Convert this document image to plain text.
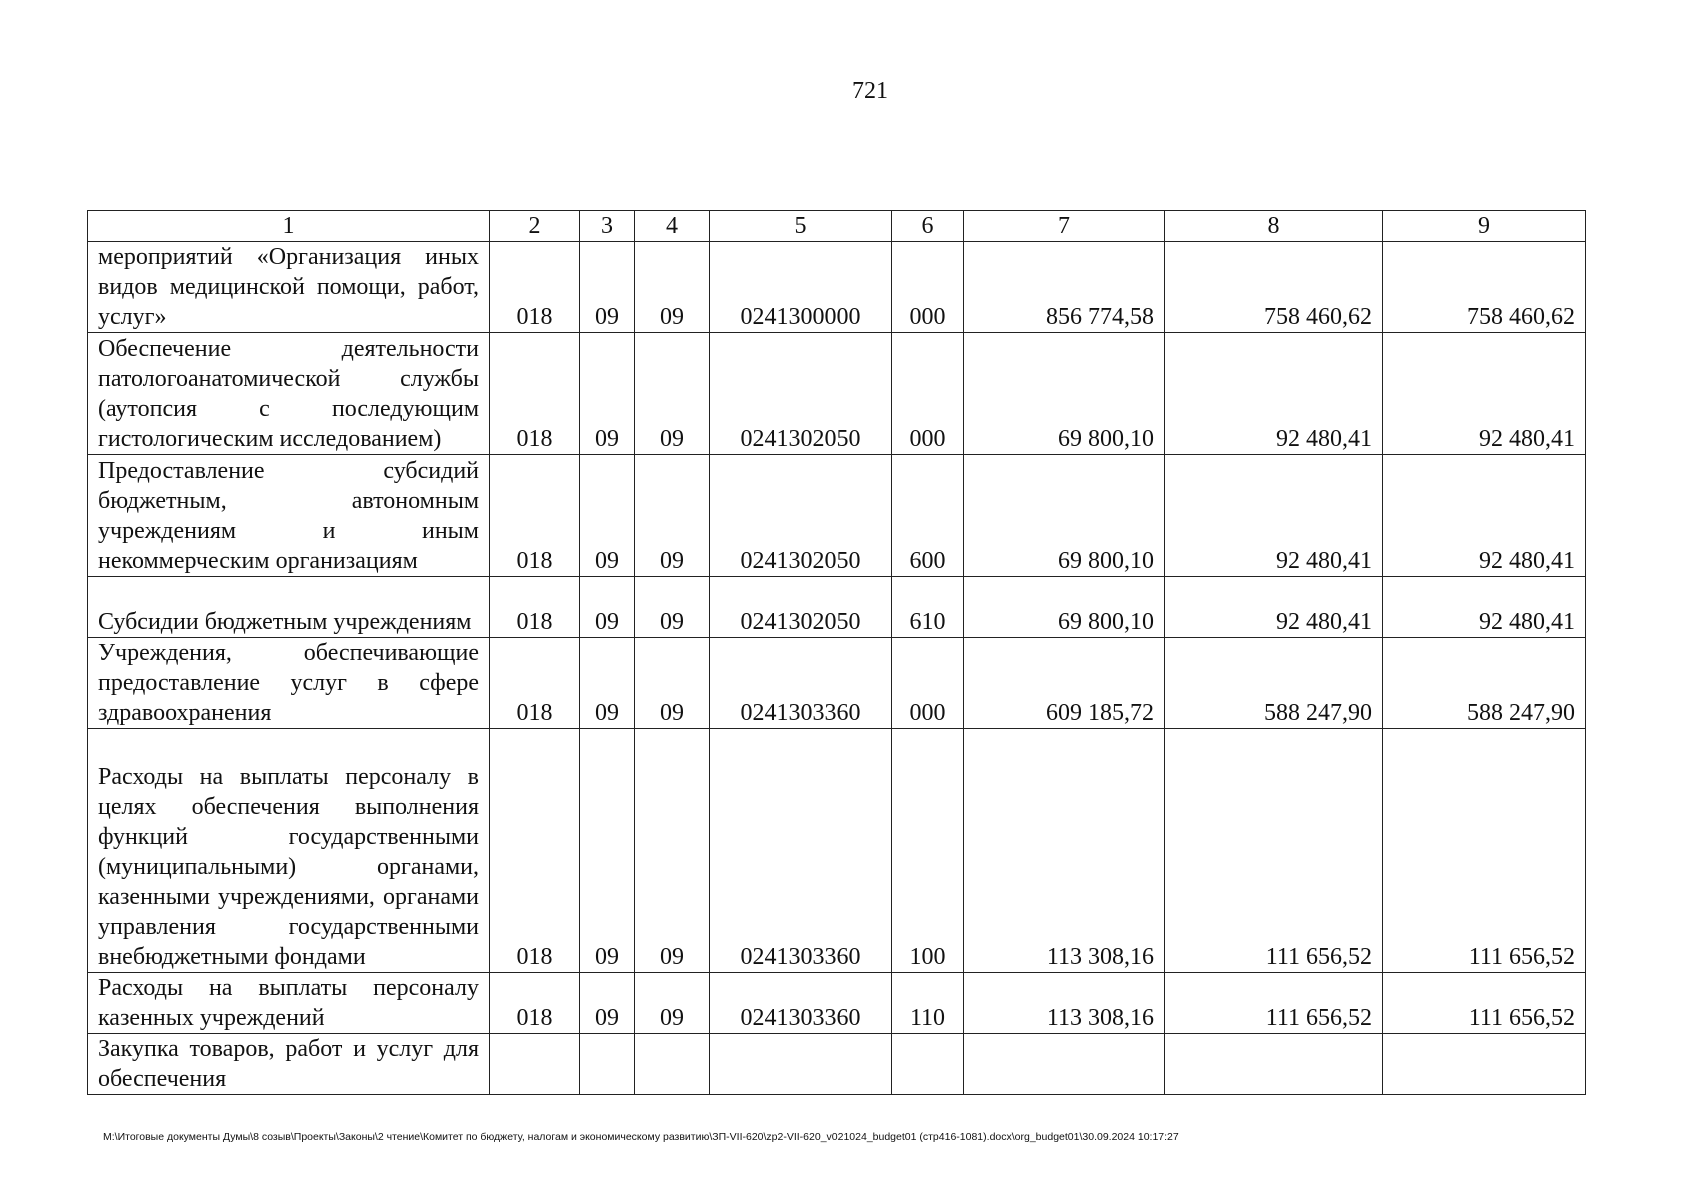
721
1	2	3	4	5	6	7	8	9
мероприятий «Организация иных видов медицинской помощи, работ, услуг»	018	09	09	0241300000	000	856 774,58	758 460,62	758 460,62
Обеспечение деятельности патологоанатомической службы (аутопсия с последующим гистологическим исследованием)	018	09	09	0241302050	000	69 800,10	92 480,41	92 480,41
Предоставление субсидий бюджетным, автономным учреждениям и иным некоммерческим организациям	018	09	09	0241302050	600	69 800,10	92 480,41	92 480,41
Субсидии бюджетным учреждениям	018	09	09	0241302050	610	69 800,10	92 480,41	92 480,41
Учреждения, обеспечивающие предоставление услуг в сфере здравоохранения	018	09	09	0241303360	000	609 185,72	588 247,90	588 247,90
Расходы на выплаты персоналу в целях обеспечения выполнения функций государственными (муниципальными) органами, казенными учреждениями, органами управления государственными внебюджетными фондами	018	09	09	0241303360	100	113 308,16	111 656,52	111 656,52
Расходы на выплаты персоналу казенных учреждений	018	09	09	0241303360	110	113 308,16	111 656,52	111 656,52
Закупка товаров, работ и услуг для обеспечения								
M:\Итоговые документы Думы\8 созыв\Проекты\Законы\2 чтение\Комитет по бюджету, налогам и экономическому развитию\ЗП-VII-620\zp2-VII-620_v021024_budget01 (стр416-1081).docx\org_budget01\30.09.2024 10:17:27
